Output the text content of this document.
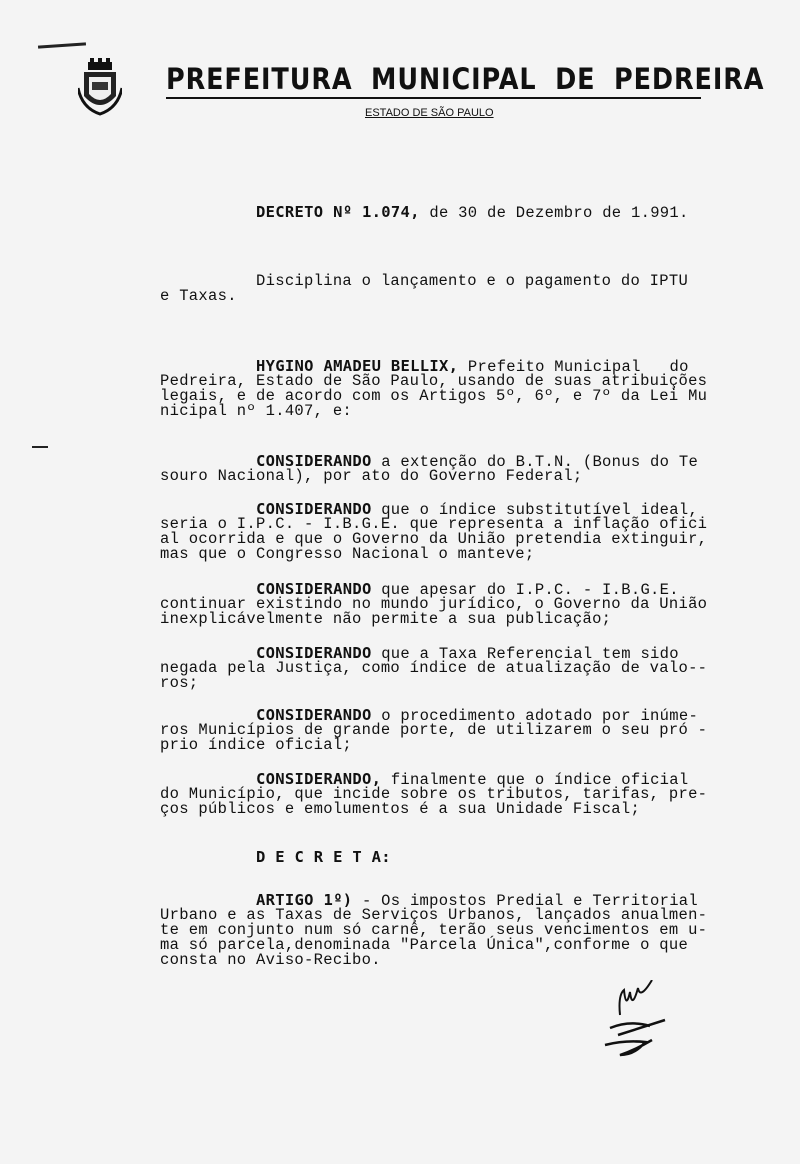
PREFEITURA MUNICIPAL DE PEDREIRA
ESTADO DE SÃO PAULO
DECRETO Nº 1.074, de 30 de Dezembro de 1.991.
Disciplina o lançamento e o pagamento do IPTU
e Taxas.
HYGINO AMADEU BELLIX, Prefeito Municipal   do
Pedreira, Estado de São Paulo, usando de suas atribuições
legais, e de acordo com os Artigos 5º, 6º, e 7º da Lei Mu
nicipal nº 1.407, e:
CONSIDERANDO a extenção do B.T.N. (Bonus do Te
souro Nacional), por ato do Governo Federal;
CONSIDERANDO que o índice substitutível ideal,
seria o I.P.C. - I.B.G.E. que representa a inflação ofici
al ocorrida e que o Governo da União pretendia extinguir,
mas que o Congresso Nacional o manteve;
CONSIDERANDO que apesar do I.P.C. - I.B.G.E.
continuar existindo no mundo jurídico, o Governo da União
inexplicávelmente não permite a sua publicação;
CONSIDERANDO que a Taxa Referencial tem sido
negada pela Justiça, como índice de atualização de valo--
ros;
CONSIDERANDO o procedimento adotado por inúme-
ros Municípios de grande porte, de utilizarem o seu pró -
prio índice oficial;
CONSIDERANDO, finalmente que o índice oficial
do Município, que incide sobre os tributos, tarifas, pre-
ços públicos e emolumentos é a sua Unidade Fiscal;
D E C R E T A:
ARTIGO 1º) - Os impostos Predial e Territorial
Urbano e as Taxas de Serviços Urbanos, lançados anualmen-
te em conjunto num só carnê, terão seus vencimentos em u-
ma só parcela,denominada "Parcela Única",conforme o que
consta no Aviso-Recibo.
